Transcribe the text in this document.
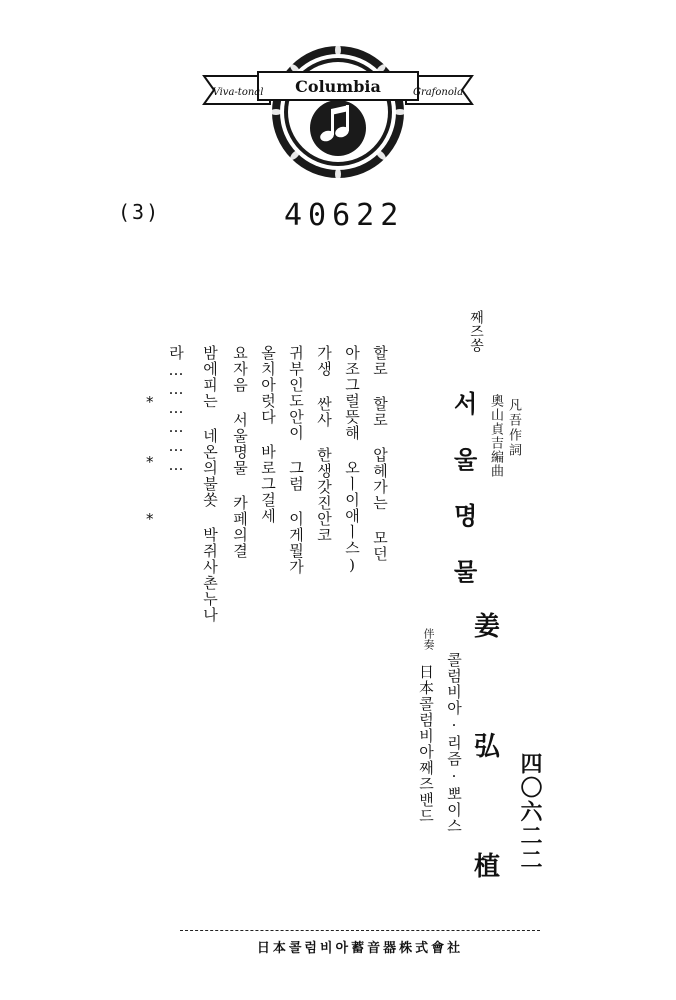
Columbia
Viva-tonal	Grafonola
(3)	40622
四〇六二二
姜
弘
植
콜럼비아·리즘·뽀이스
伴奏
日本콜럼비아째즈밴드
凡吾作詞
奧山貞吉編曲
째즈쏭
서
울
명
물
할로 할로 압헤가는 모던
아조그럴뜻해 오ㅣ이애ㅣ스)
가생 싼사 한생갓진안코
귀부인도안이 그럼 이게뭘가
올치아럿다 바로그걸세
요자음 서울명물 카페의결
밤에피는 네온의불쏫 박쥐사촌누나
라………………
*
*
*
日本콜럼비아蓄音器株式會社
